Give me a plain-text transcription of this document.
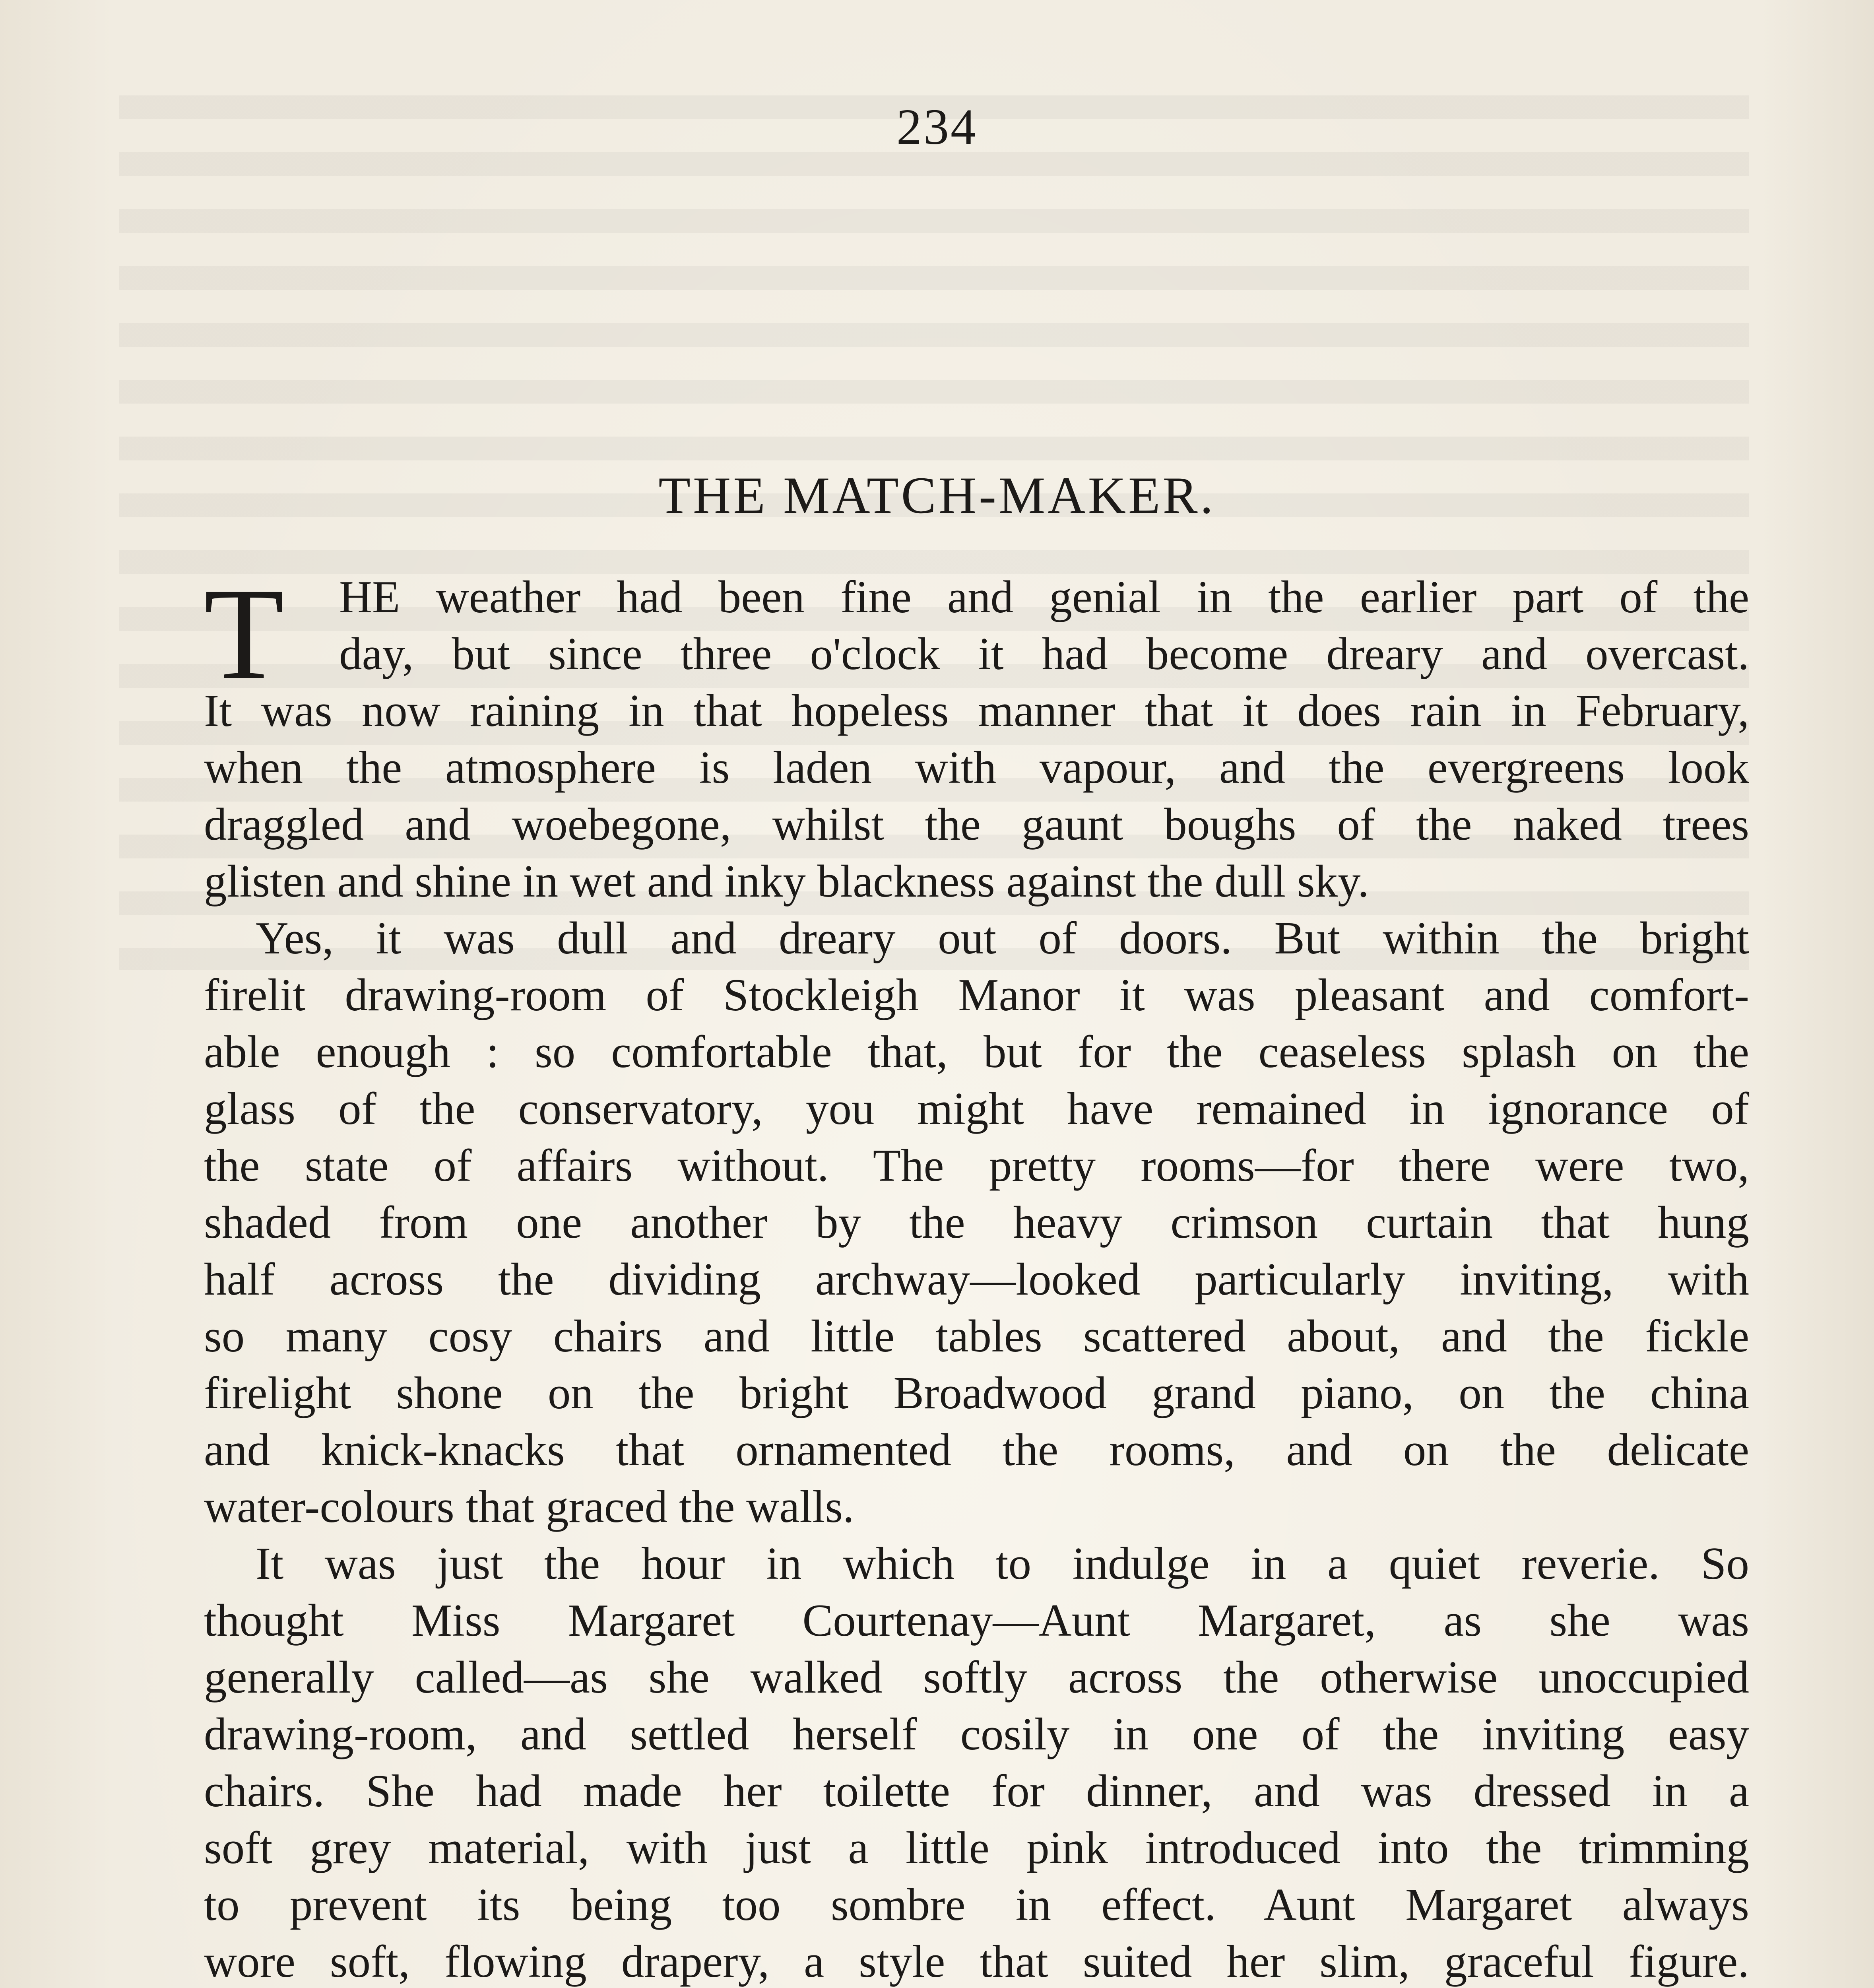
234
THE MATCH-MAKER.
T HE weather had been fine and genial in the earlier part of the
day, but since three o'clock it had become dreary and overcast.
It was now raining in that hopeless manner that it does rain in February,
when the atmosphere is laden with vapour, and the evergreens look
draggled and woebegone, whilst the gaunt boughs of the naked trees
glisten and shine in wet and inky blackness against the dull sky.
Yes, it was dull and dreary out of doors. But within the bright
firelit drawing-room of Stockleigh Manor it was pleasant and comfort-
able enough : so comfortable that, but for the ceaseless splash on the
glass of the conservatory, you might have remained in ignorance of
the state of affairs without. The pretty rooms—for there were two,
shaded from one another by the heavy crimson curtain that hung
half across the dividing archway—looked particularly inviting, with
so many cosy chairs and little tables scattered about, and the fickle
firelight shone on the bright Broadwood grand piano, on the china
and knick-knacks that ornamented the rooms, and on the delicate
water-colours that graced the walls.
It was just the hour in which to indulge in a quiet reverie. So
thought Miss Margaret Courtenay—Aunt Margaret, as she was
generally called—as she walked softly across the otherwise unoccupied
drawing-room, and settled herself cosily in one of the inviting easy
chairs. She had made her toilette for dinner, and was dressed in a
soft grey material, with just a little pink introduced into the trimming
to prevent its being too sombre in effect. Aunt Margaret always
wore soft, flowing drapery, a style that suited her slim, graceful figure.
